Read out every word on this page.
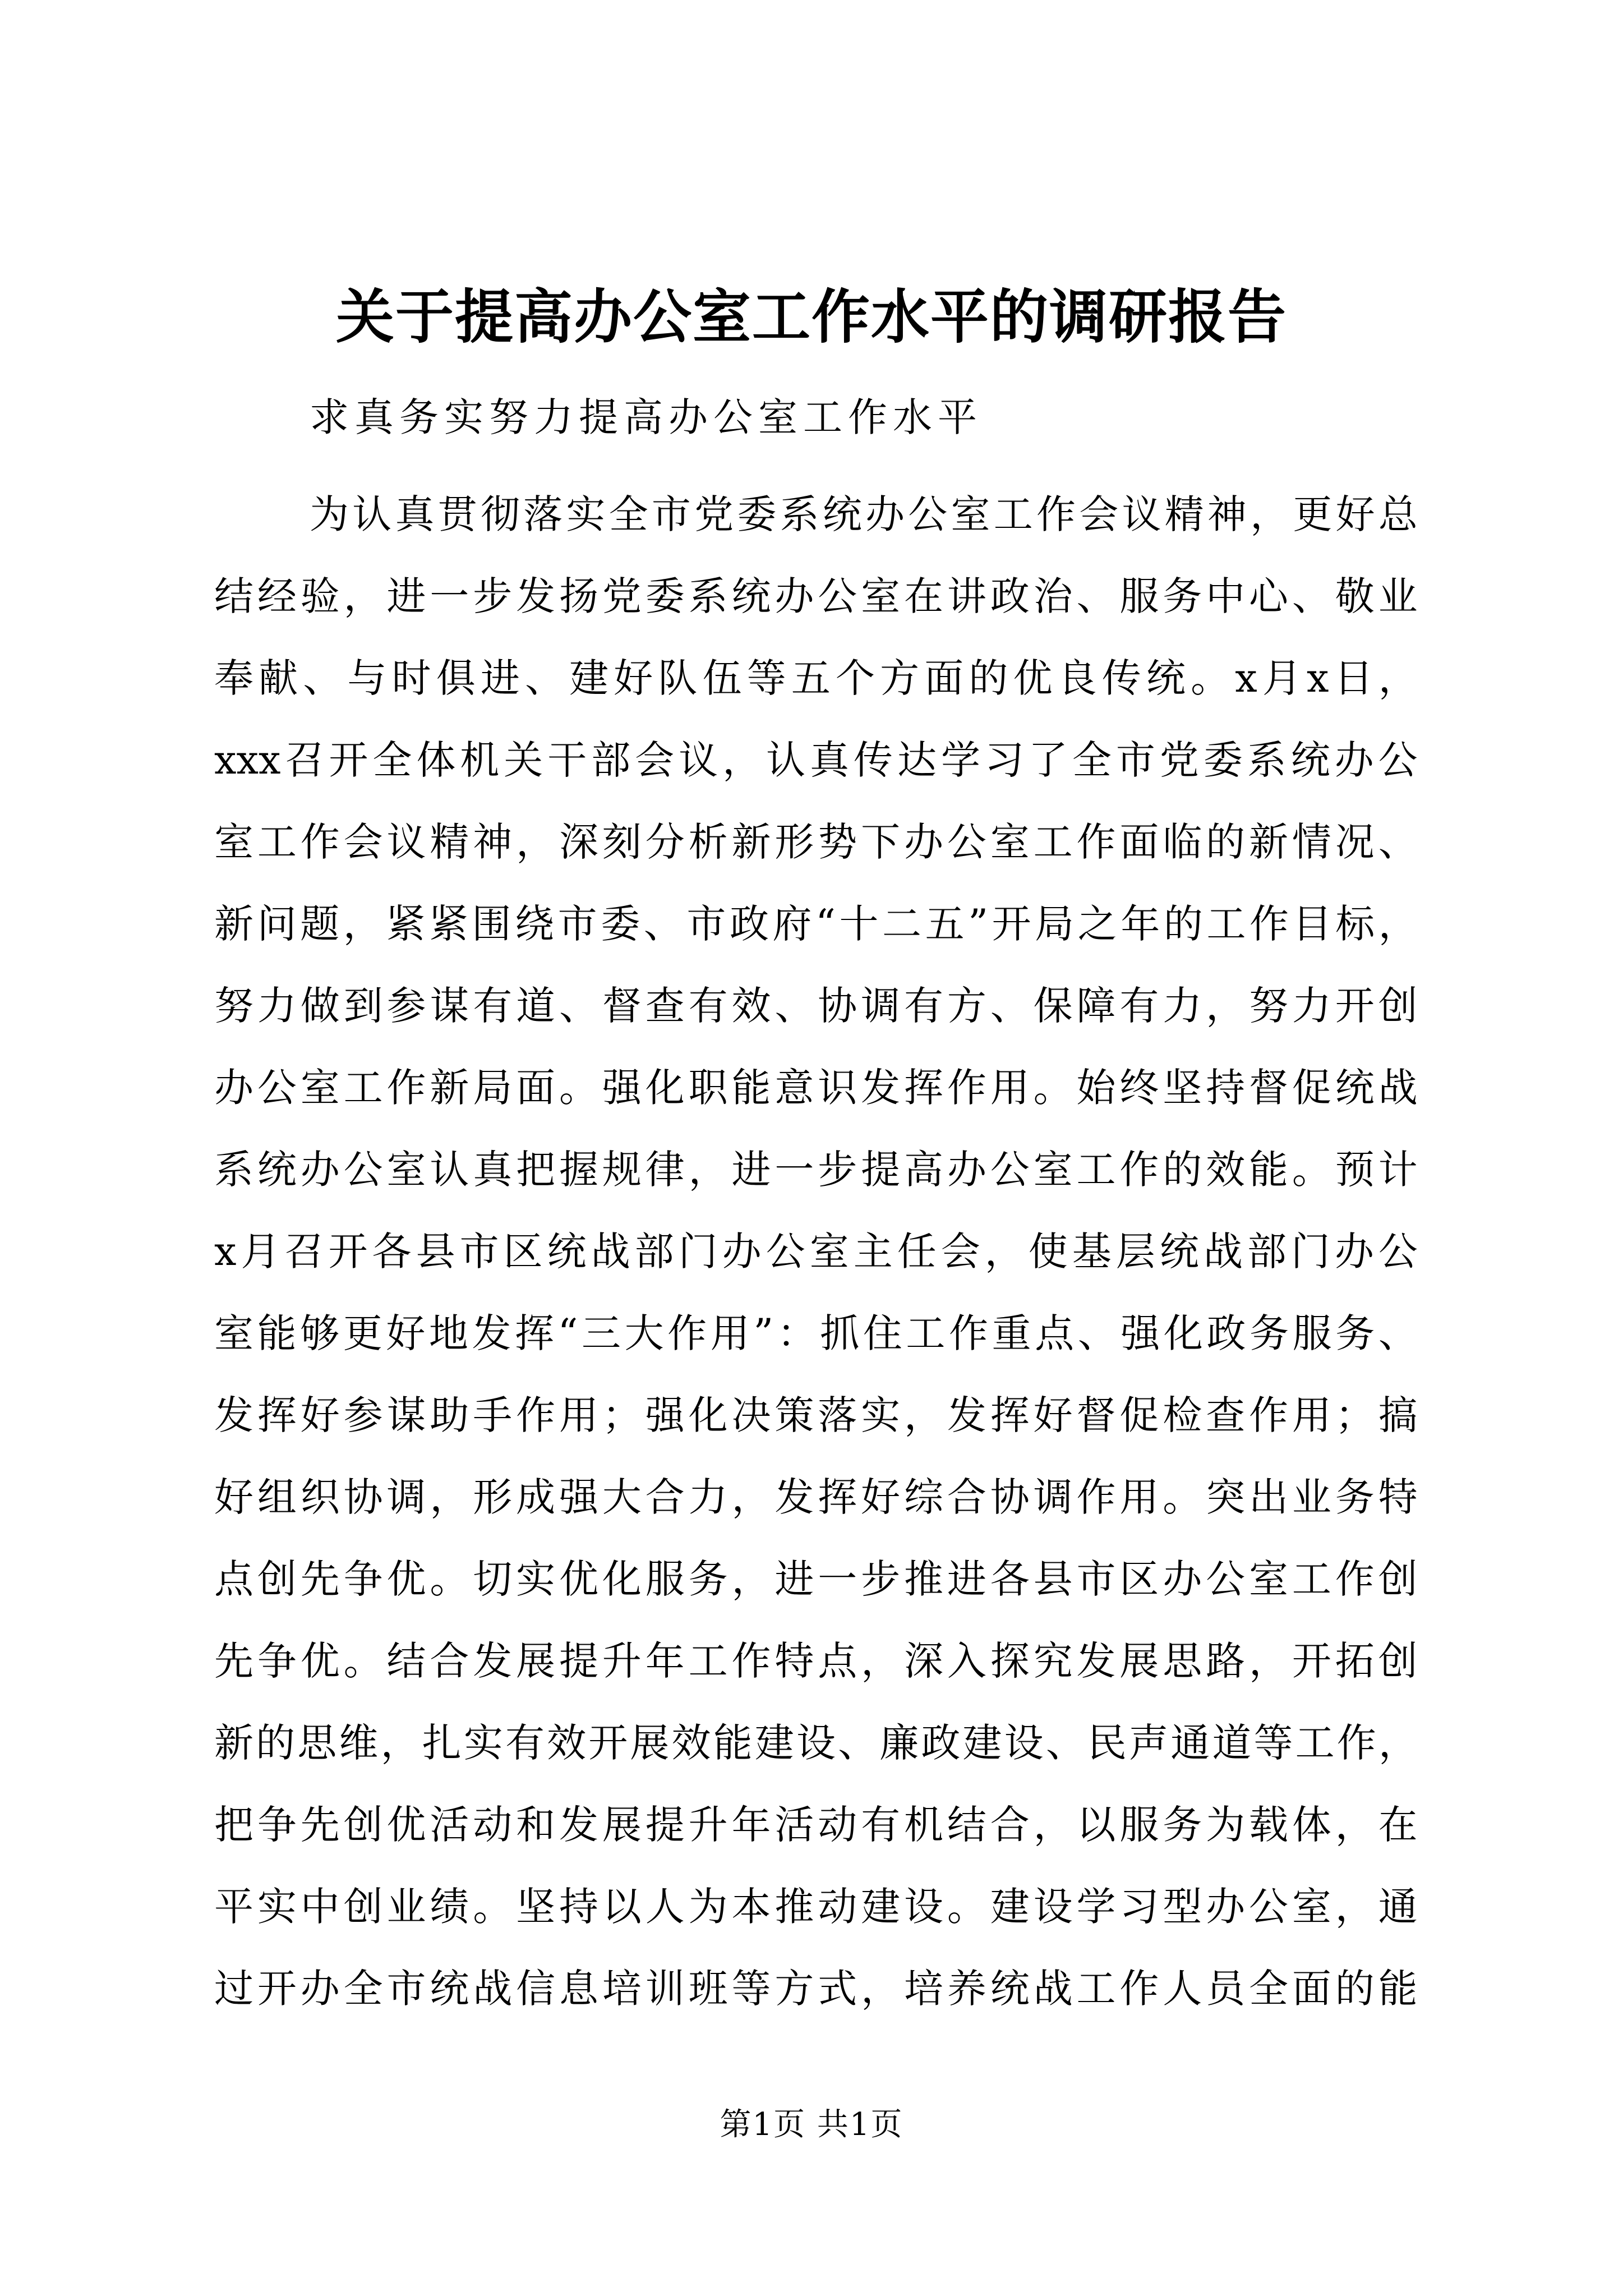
关于提高办公室工作水平的调研报告
求真务实努力提高办公室工作水平
为 认 真 贯 彻 落 实 全 市 党 委 系 统 办 公 室 工 作 会 议 精 神 ， 更 好 总
结 经 验 ， 进 一 步 发 扬 党 委 系 统 办 公 室 在 讲 政 治 、 服 务 中 心 、 敬 业
奉 献 、 与 时 俱 进 、 建 好 队 伍 等 五 个 方 面 的 优 良 传 统 。 x 月 x 日 ，
xxx 召 开 全 体 机 关 干 部 会 议 ， 认 真 传 达 学 习 了 全 市 党 委 系 统 办 公
室 工 作 会 议 精 神 ， 深 刻 分 析 新 形 势 下 办 公 室 工 作 面 临 的 新 情 况 、
新 问 题 ， 紧 紧 围 绕 市 委 、 市 政 府 “ 十 二 五 ” 开 局 之 年 的 工 作 目 标 ，
努 力 做 到 参 谋 有 道 、 督 查 有 效 、 协 调 有 方 、 保 障 有 力 ， 努 力 开 创
办 公 室 工 作 新 局 面 。 强 化 职 能 意 识 发 挥 作 用 。 始 终 坚 持 督 促 统 战
系 统 办 公 室 认 真 把 握 规 律 ， 进 一 步 提 高 办 公 室 工 作 的 效 能 。 预 计
x 月 召 开 各 县 市 区 统 战 部 门 办 公 室 主 任 会 ， 使 基 层 统 战 部 门 办 公
室 能 够 更 好 地 发 挥 “ 三 大 作 用 ” ： 抓 住 工 作 重 点 、 强 化 政 务 服 务 、
发 挥 好 参 谋 助 手 作 用 ； 强 化 决 策 落 实 ， 发 挥 好 督 促 检 查 作 用 ； 搞
好 组 织 协 调 ， 形 成 强 大 合 力 ， 发 挥 好 综 合 协 调 作 用 。 突 出 业 务 特
点 创 先 争 优 。 切 实 优 化 服 务 ， 进 一 步 推 进 各 县 市 区 办 公 室 工 作 创
先 争 优 。 结 合 发 展 提 升 年 工 作 特 点 ， 深 入 探 究 发 展 思 路 ， 开 拓 创
新 的 思 维 ， 扎 实 有 效 开 展 效 能 建 设 、 廉 政 建 设 、 民 声 通 道 等 工 作 ，
把 争 先 创 优 活 动 和 发 展 提 升 年 活 动 有 机 结 合 ， 以 服 务 为 载 体 ， 在
平 实 中 创 业 绩 。 坚 持 以 人 为 本 推 动 建 设 。 建 设 学 习 型 办 公 室 ， 通
过 开 办 全 市 统 战 信 息 培 训 班 等 方 式 ， 培 养 统 战 工 作 人 员 全 面 的 能
第1页 共1页
